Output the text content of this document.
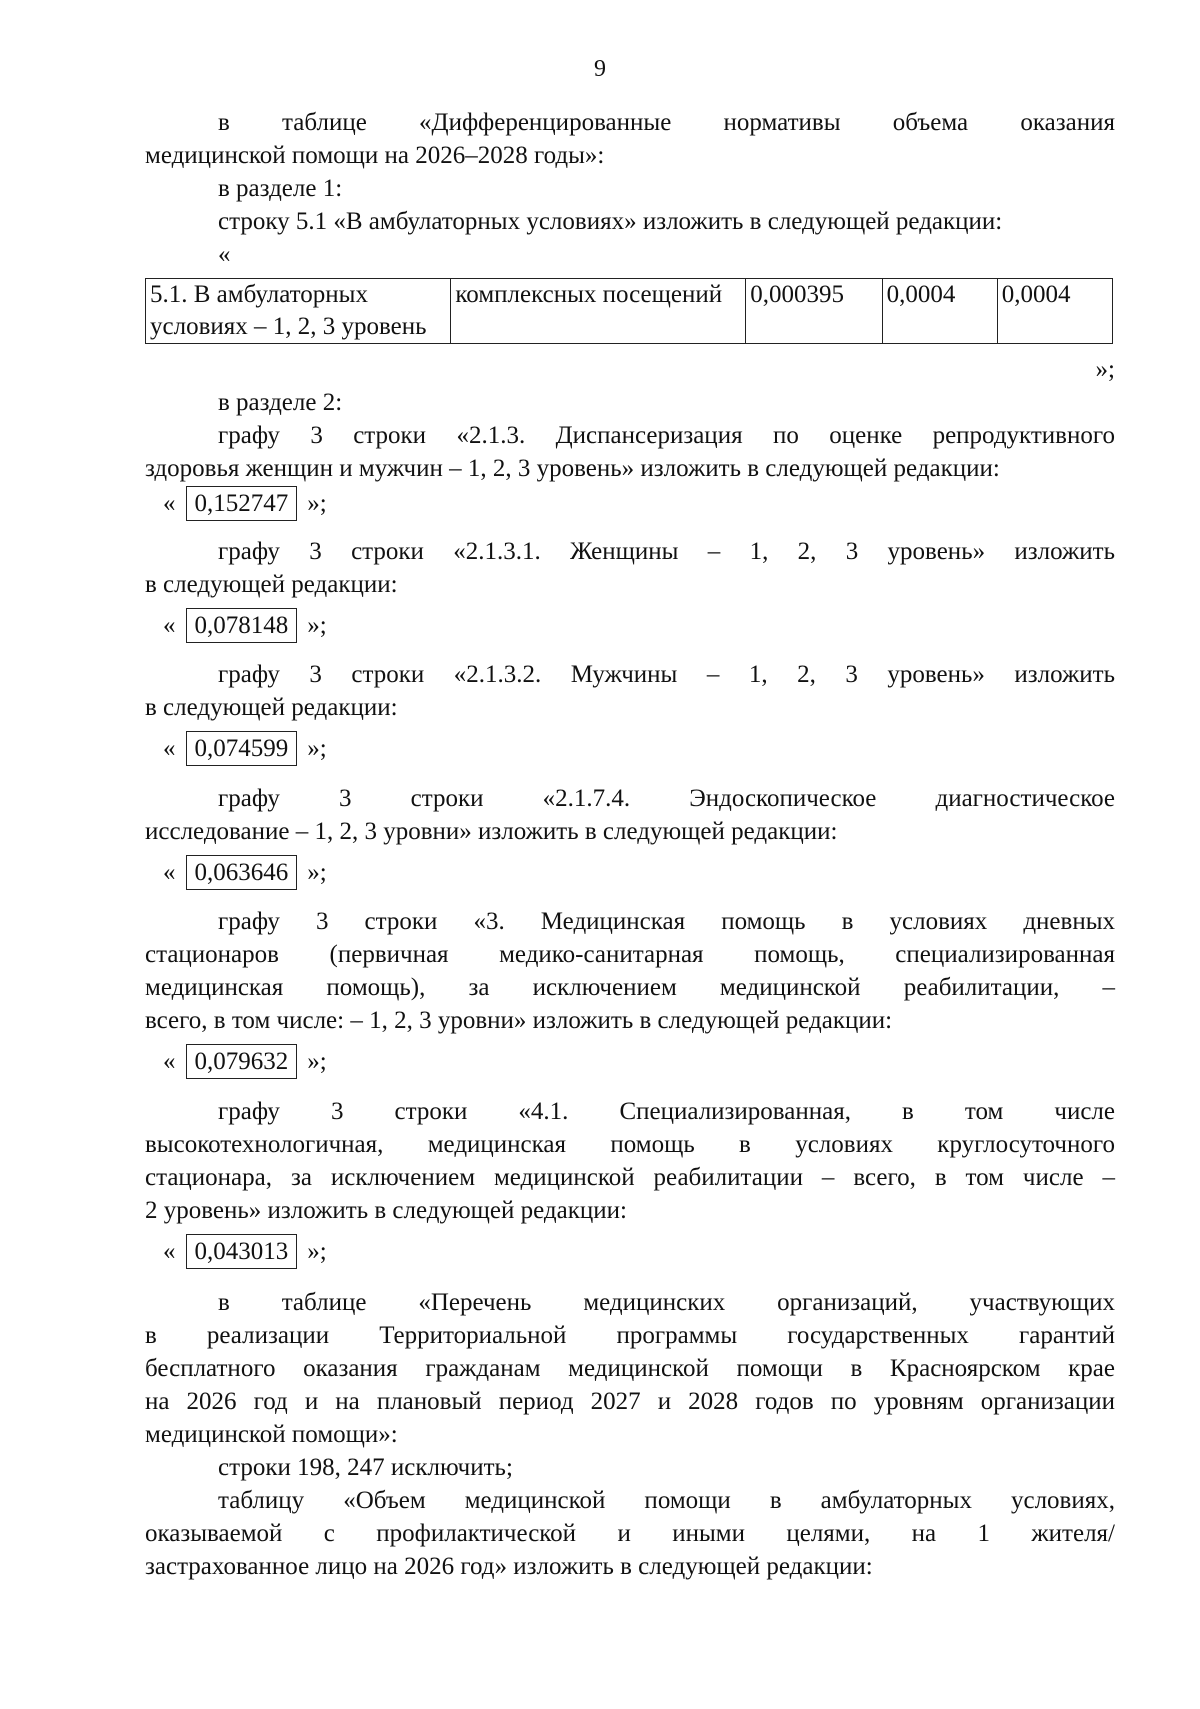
9
в таблице «Дифференцированные нормативы объема оказания
медицинской помощи на 2026–2028 годы»:
в разделе 1:
строку 5.1 «В амбулаторных условиях» изложить в следующей редакции:
«
5.1. В амбулаторных условиях – 1, 2, 3 уровень	комплексных посещений	0,000395	0,0004	0,0004
»;
в разделе 2:
графу 3 строки «2.1.3. Диспансеризация по оценке репродуктивного
здоровья женщин и мужчин – 1, 2, 3 уровень» изложить в следующей редакции:
« 0,152747 »;
графу 3 строки «2.1.3.1. Женщины – 1, 2, 3 уровень» изложить
в следующей редакции:
« 0,078148 »;
графу 3 строки «2.1.3.2. Мужчины – 1, 2, 3 уровень» изложить
в следующей редакции:
« 0,074599 »;
графу 3 строки «2.1.7.4. Эндоскопическое диагностическое
исследование – 1, 2, 3 уровни» изложить в следующей редакции:
« 0,063646 »;
графу 3 строки «3. Медицинская помощь в условиях дневных
стационаров (первичная медико-санитарная помощь, специализированная
медицинская помощь), за исключением медицинской реабилитации, –
всего, в том числе: – 1, 2, 3 уровни» изложить в следующей редакции:
« 0,079632 »;
графу 3 строки «4.1. Специализированная, в том числе
высокотехнологичная, медицинская помощь в условиях круглосуточного
стационара, за исключением медицинской реабилитации – всего, в том числе –
2 уровень» изложить в следующей редакции:
« 0,043013 »;
в таблице «Перечень медицинских организаций, участвующих
в реализации Территориальной программы государственных гарантий
бесплатного оказания гражданам медицинской помощи в Красноярском крае
на 2026 год и на плановый период 2027 и 2028 годов по уровням организации
медицинской помощи»:
строки 198, 247 исключить;
таблицу «Объем медицинской помощи в амбулаторных условиях,
оказываемой с профилактической и иными целями, на 1 жителя/
застрахованное лицо на 2026 год» изложить в следующей редакции:
